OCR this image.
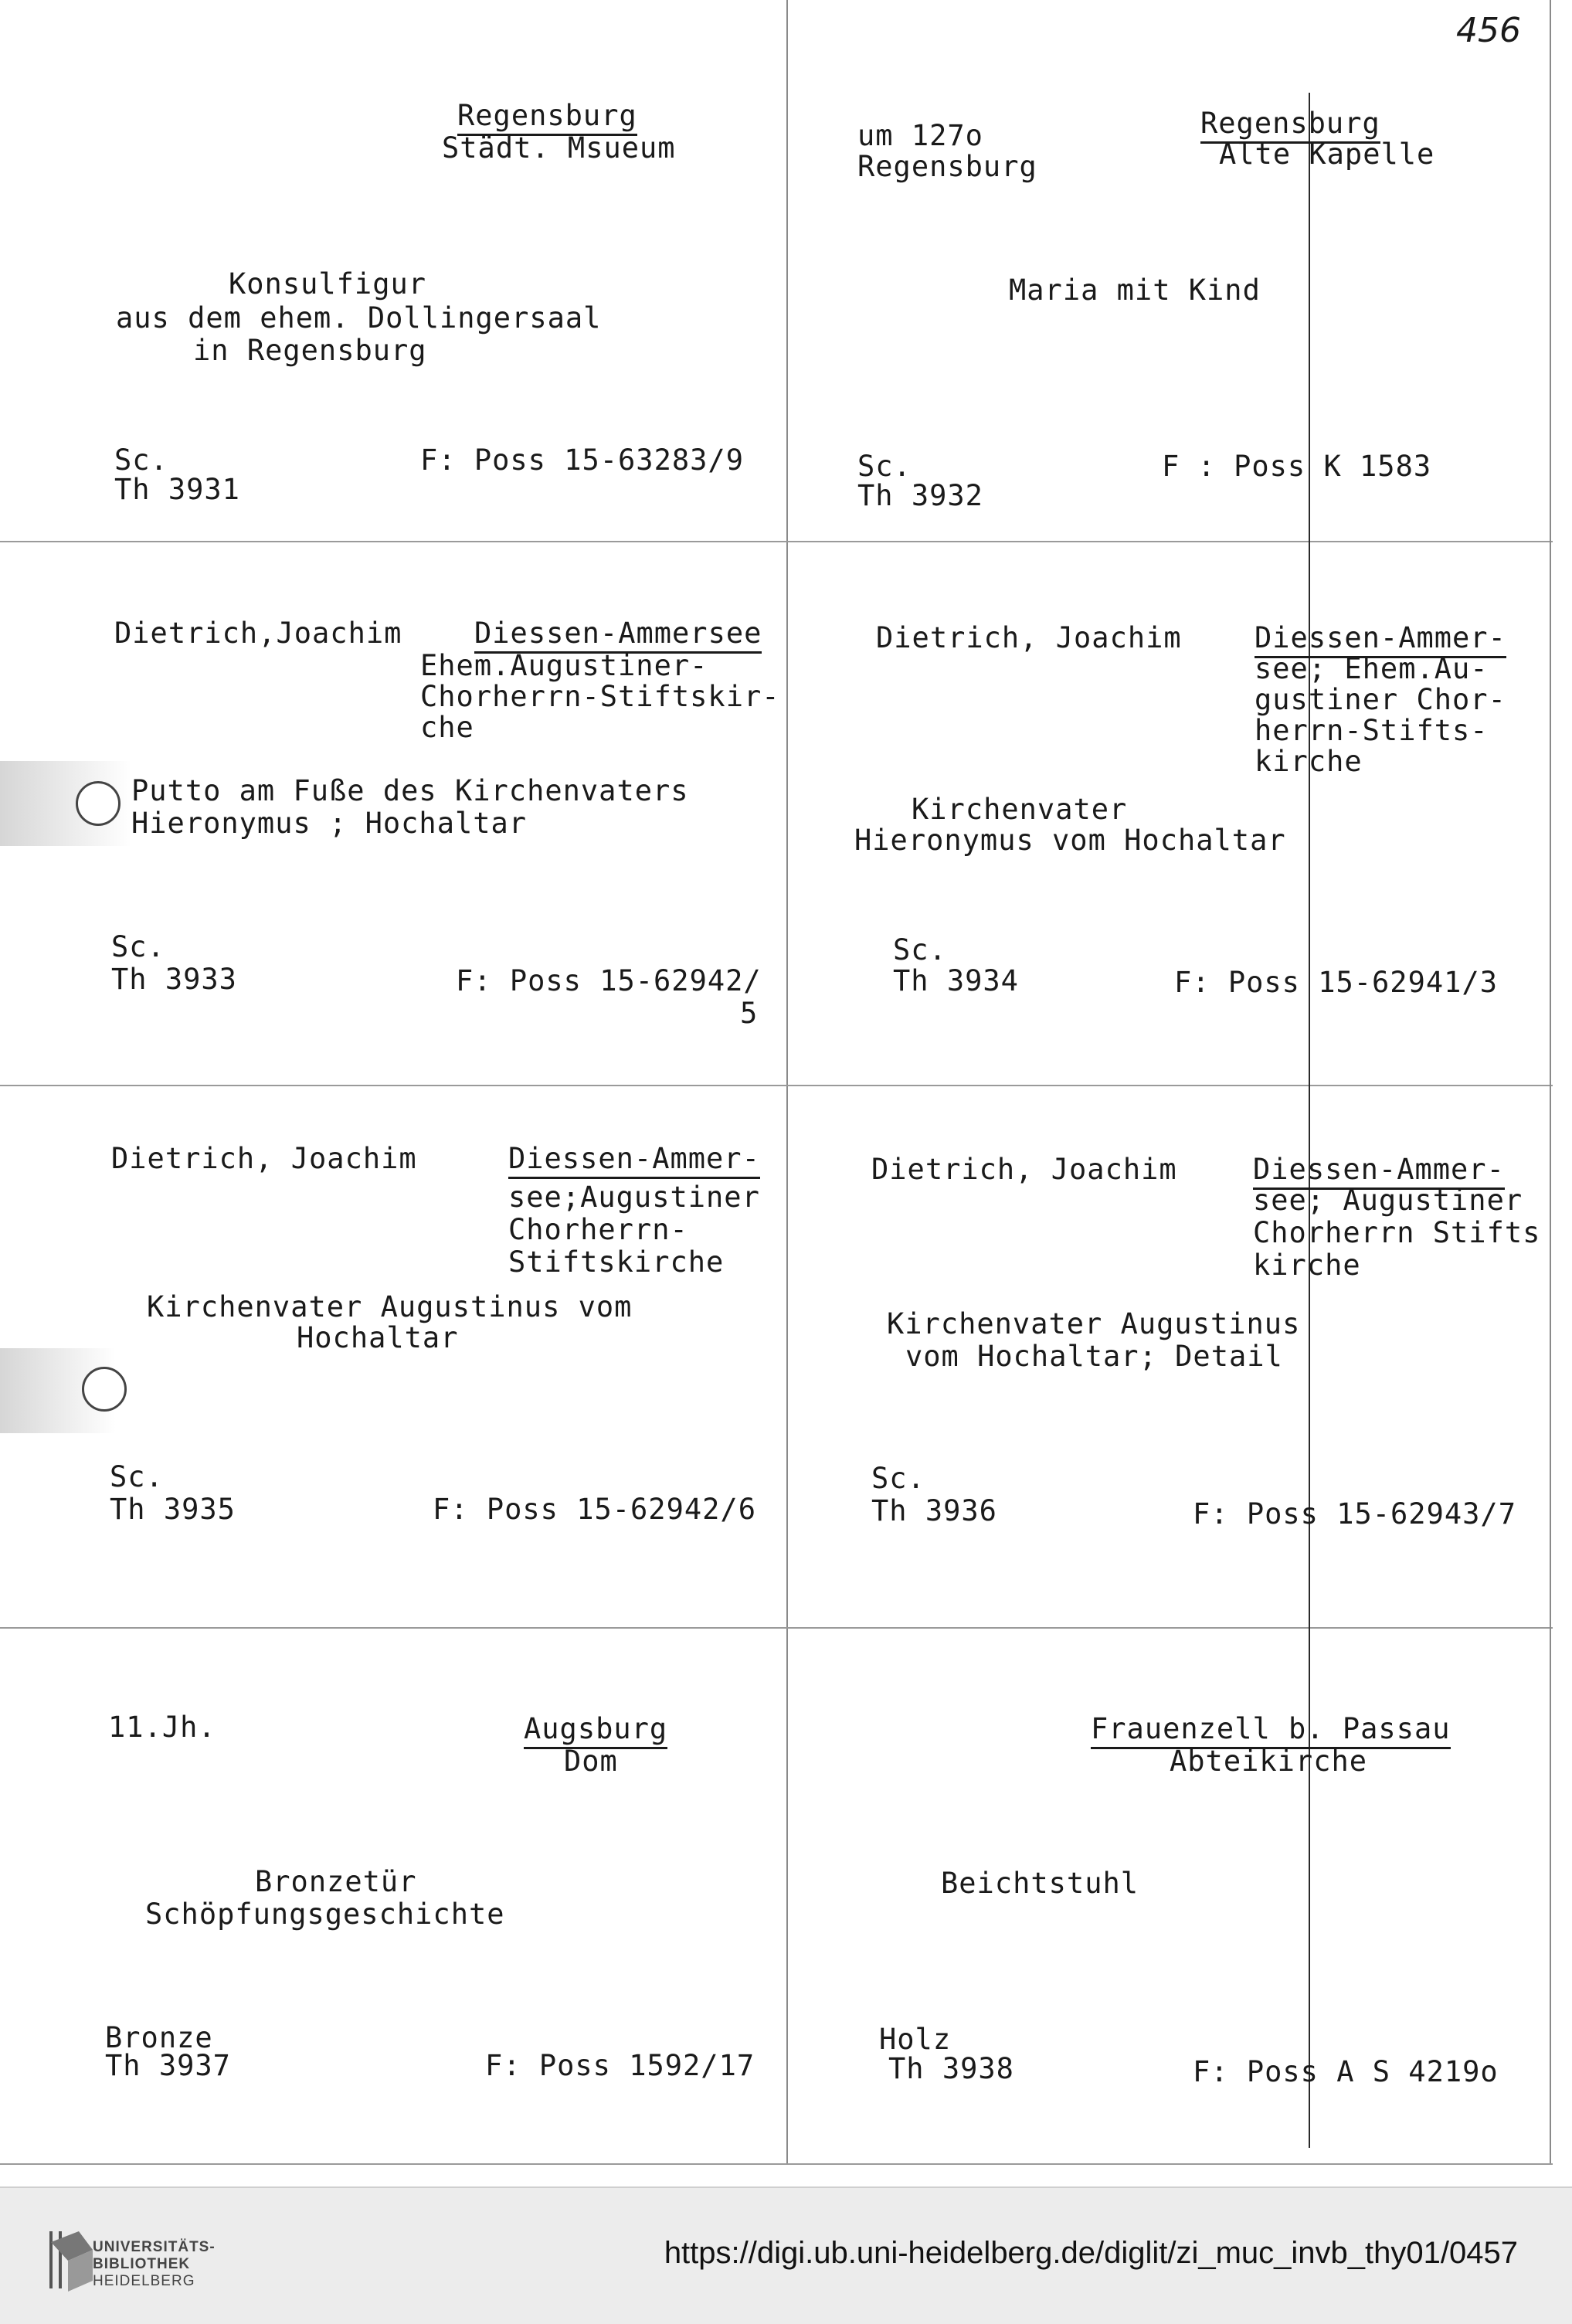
456
Regensburg
Städt. Msueum
Konsulfigur
aus dem ehem. Dollingersaal
in Regensburg
Sc.
Th 3931
F: Poss 15-63283/9
um 127o
Regensburg
Regensburg
Alte Kapelle
Maria mit Kind
Sc.
Th 3932
F : Poss K 1583
Dietrich,Joachim	Diessen-Ammersee
Ehem.Augustiner-
Chorherrn-Stiftskir-
che
Putto am Fuße des Kirchenvaters
Hieronymus ; Hochaltar
Sc.
Th 3933	F: Poss 15-62942/
5
Dietrich, Joachim	Diessen-Ammer-
see; Ehem.Au-
gustiner Chor-
herrn-Stifts-
kirche
Kirchenvater
Hieronymus vom Hochaltar
Sc.
Th 3934	F: Poss 15-62941/3
Dietrich, Joachim	Diessen-Ammer-
see;Augustiner
Chorherrn-
Stiftskirche
Kirchenvater Augustinus vom
Hochaltar
Sc.
Th 3935	F: Poss 15-62942/6
Dietrich, Joachim	Diessen-Ammer-
see; Augustiner
Chorherrn Stifts
kirche
Kirchenvater Augustinus
vom Hochaltar; Detail
Sc.
Th 3936	F: Poss 15-62943/7
11.Jh.	Augsburg
Dom
Bronzetür
Schöpfungsgeschichte
Bronze
Th 3937	F: Poss 1592/17
Frauenzell b. Passau
Abteikirche
Beichtstuhl
Holz
Th 3938	F: Poss A S 4219o
UNIVERSITÄTS-
BIBLIOTHEK
HEIDELBERG
https://digi.ub.uni-heidelberg.de/diglit/zi_muc_invb_thy01/0457
